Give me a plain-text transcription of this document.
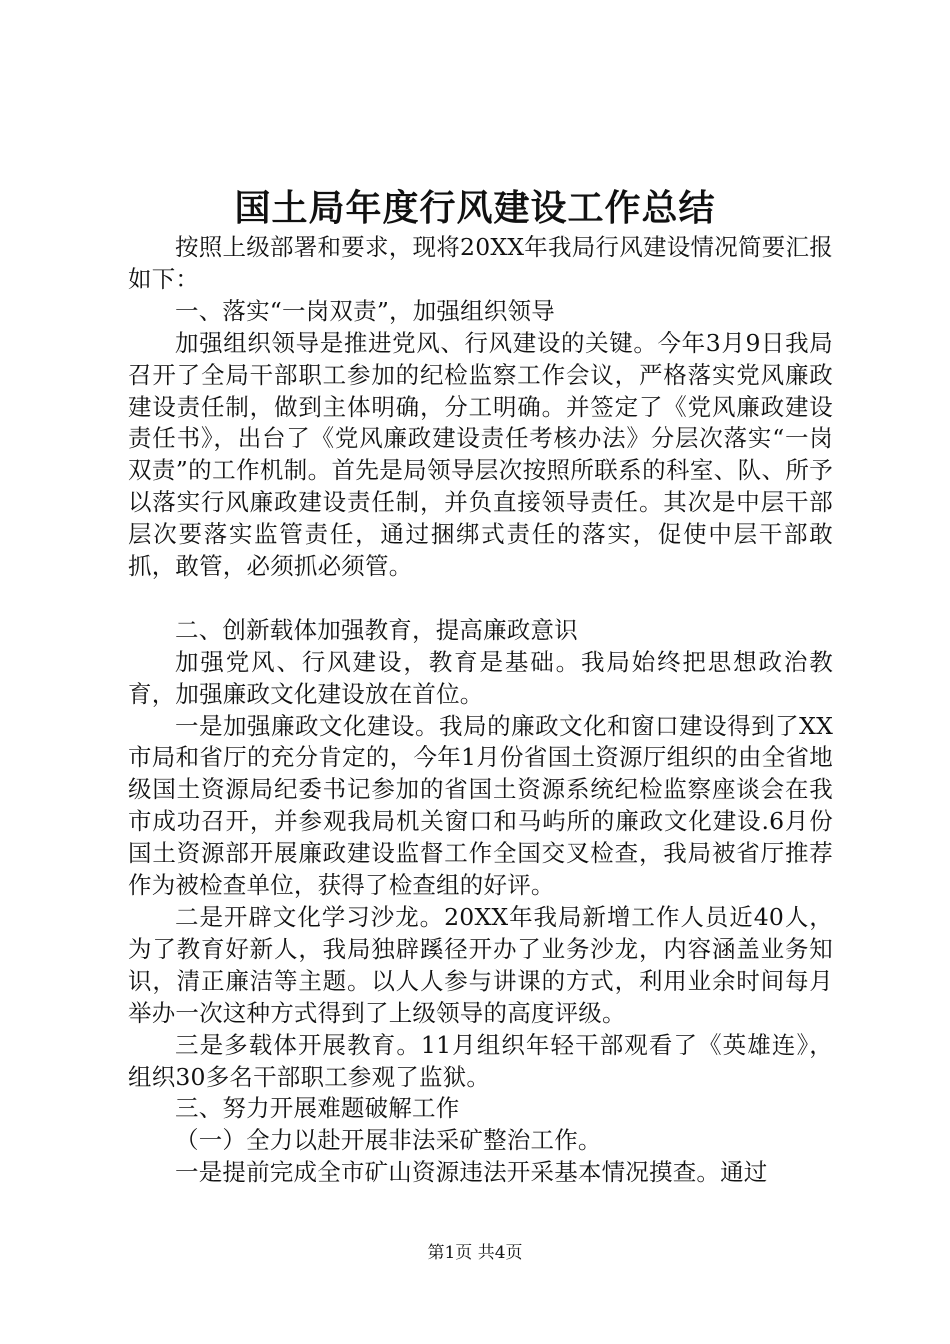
国土局年度行风建设工作总结

按照上级部署和要求，现将20XX年我局行风建设情况简要汇报如下：

一、落实“一岗双责”，加强组织领导

加强组织领导是推进党风、行风建设的关键。今年3月9日我局召开了全局干部职工参加的纪检监察工作会议，严格落实党风廉政建设责任制，做到主体明确，分工明确。并签定了《党风廉政建设责任书》，出台了《党风廉政建设责任考核办法》分层次落实“一岗双责”的工作机制。首先是局领导层次按照所联系的科室、队、所予以落实行风廉政建设责任制，并负直接领导责任。其次是中层干部层次要落实监管责任，通过捆绑式责任的落实，促使中层干部敢抓，敢管，必须抓必须管。

二、创新载体加强教育，提高廉政意识

加强党风、行风建设，教育是基础。我局始终把思想政治教育，加强廉政文化建设放在首位。

一是加强廉政文化建设。我局的廉政文化和窗口建设得到了XX市局和省厅的充分肯定的，今年1月份省国土资源厅组织的由全省地级国土资源局纪委书记参加的省国土资源系统纪检监察座谈会在我市成功召开，并参观我局机关窗口和马屿所的廉政文化建设.6月份国土资源部开展廉政建设监督工作全国交叉检查，我局被省厅推荐作为被检查单位，获得了检查组的好评。

二是开辟文化学习沙龙。20XX年我局新增工作人员近40人，为了教育好新人，我局独辟蹊径开办了业务沙龙，内容涵盖业务知识，清正廉洁等主题。以人人参与讲课的方式，利用业余时间每月举办一次这种方式得到了上级领导的高度评级。

三是多载体开展教育。11月组织年轻干部观看了《英雄连》，组织30多名干部职工参观了监狱。

三、努力开展难题破解工作

（一）全力以赴开展非法采矿整治工作。

一是提前完成全市矿山资源违法开采基本情况摸查。通过

第1页 共4页
